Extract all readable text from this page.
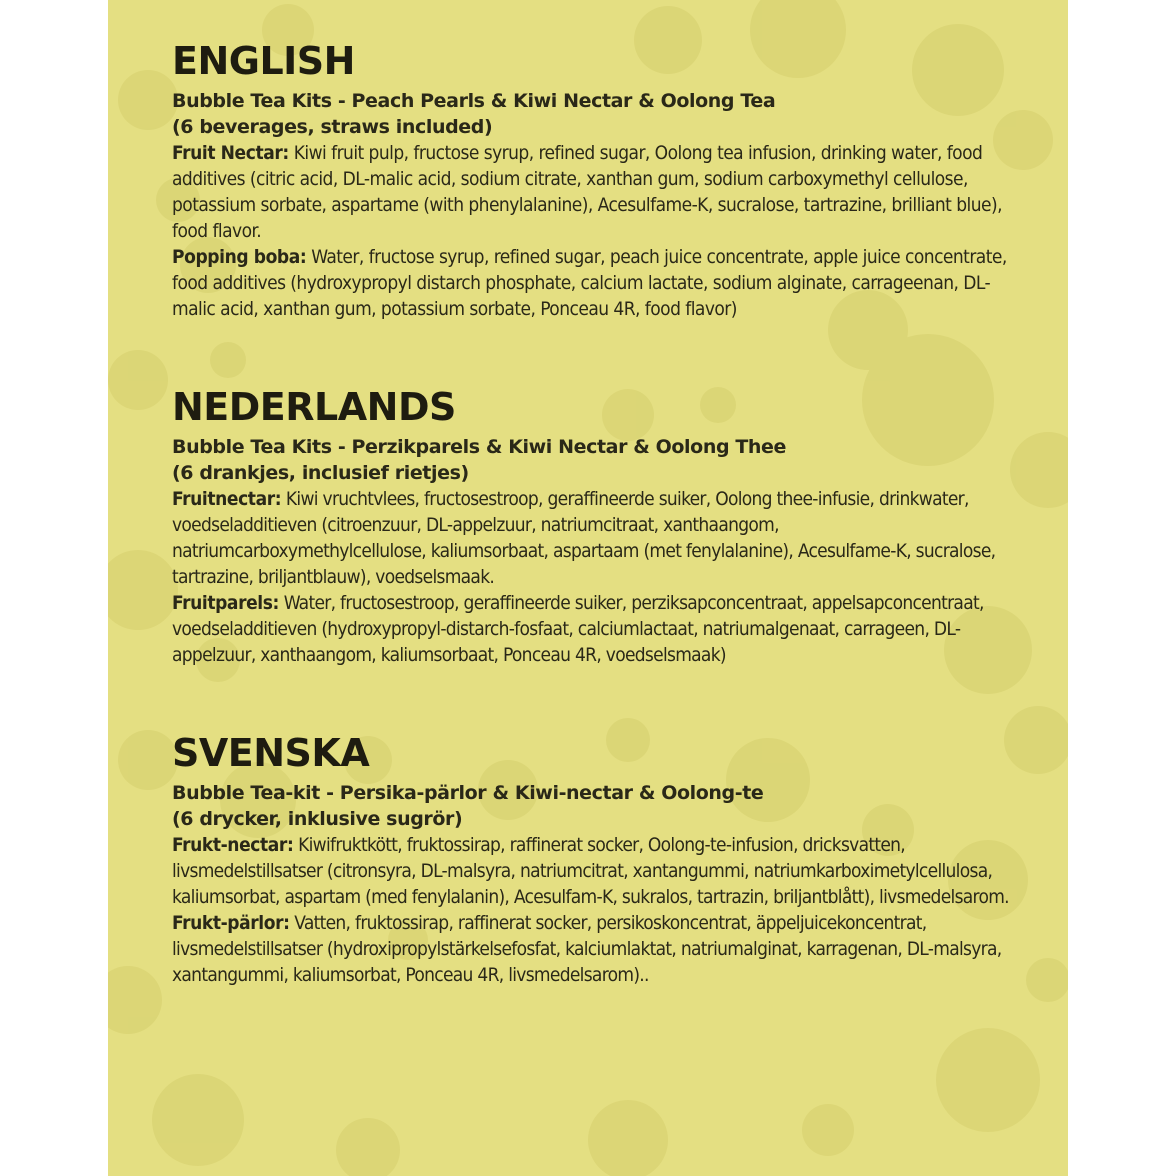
ENGLISH

Bubble Tea Kits - Peach Pearls & Kiwi Nectar & Oolong Tea

(6 beverages, straws included)

Fruit Nectar: Kiwi fruit pulp, fructose syrup, refined sugar, Oolong tea infusion, drinking water, food additives (citric acid, DL-malic acid, sodium citrate, xanthan gum, sodium carboxymethyl cellulose, potassium sorbate, aspartame (with phenylalanine), Acesulfame-K, sucralose, tartrazine, brilliant blue), food flavor.

Popping boba: Water, fructose syrup, refined sugar, peach juice concentrate, apple juice concentrate, food additives (hydroxypropyl distarch phosphate, calcium lactate, sodium alginate, carrageenan, DL-malic acid, xanthan gum, potassium sorbate, Ponceau 4R, food flavor)

NEDERLANDS

Bubble Tea Kits - Perzikparels & Kiwi Nectar & Oolong Thee

(6 drankjes, inclusief rietjes)

Fruitnectar: Kiwi vruchtvlees, fructosestroop, geraffineerde suiker, Oolong thee-infusie, drinkwater, voedseladditieven (citroenzuur, DL-appelzuur, natriumcitraat, xanthaangom, natriumcarboxymethylcellulose, kaliumsorbaat, aspartaam (met fenylalanine), Acesulfame-K, sucralose, tartrazine, briljantblauw), voedselsmaak.

Fruitparels: Water, fructosestroop, geraffineerde suiker, perziksapconcentraat, appelsapconcentraat, voedseladditieven (hydroxypropyl-distarch-fosfaat, calciumlactaat, natriumalgenaat, carrageen, DL-appelzuur, xanthaangom, kaliumsorbaat, Ponceau 4R, voedselsmaak)

SVENSKA

Bubble Tea-kit - Persika-pärlor & Kiwi-nectar & Oolong-te

(6 drycker, inklusive sugrör)

Frukt-nectar: Kiwifruktkött, fruktossirap, raffinerat socker, Oolong-te-infusion, dricksvatten, livsmedelstillsatser (citronsyra, DL-malsyra, natriumcitrat, xantangummi, natriumkarboximetylcellulosa, kaliumsorbat, aspartam (med fenylalanin), Acesulfam-K, sukralos, tartrazin, briljantblått), livsmedelsarom.

Frukt-pärlor: Vatten, fruktossirap, raffinerat socker, persikoskoncentrat, äppeljuicekoncentrat, livsmedelstillsatser (hydroxipropylstärkelsefosfat, kalciumlaktat, natriumalginat, karragenan, DL-malsyra, xantangummi, kaliumsorbat, Ponceau 4R, livsmedelsarom)..
